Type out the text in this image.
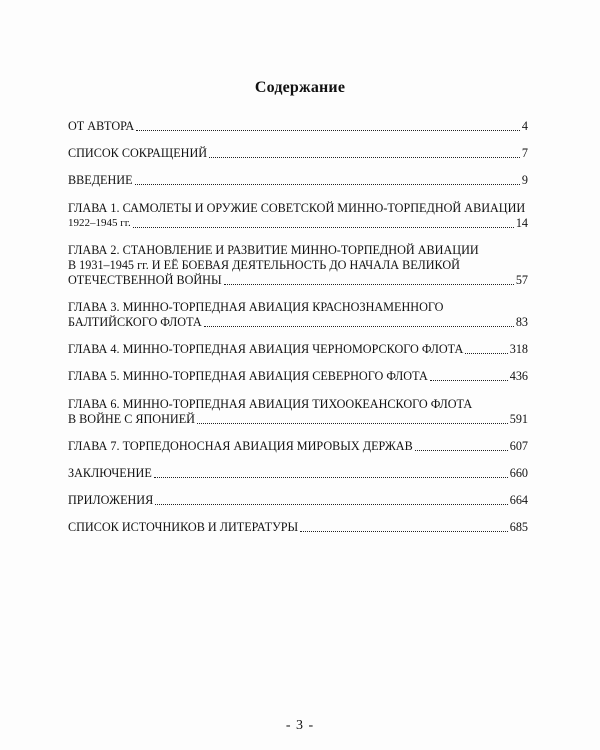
Содержание
ОТ АВТОРА	4
СПИСОК СОКРАЩЕНИЙ	7
ВВЕДЕНИЕ	9
ГЛАВА 1. САМОЛЕТЫ И ОРУЖИЕ СОВЕТСКОЙ МИННО-ТОРПЕДНОЙ АВИАЦИИ
1922–1945 гг.	14
ГЛАВА 2. СТАНОВЛЕНИЕ И РАЗВИТИЕ МИННО-ТОРПЕДНОЙ АВИАЦИИ
В 1931–1945 гг. И ЕЁ БОЕВАЯ ДЕЯТЕЛЬНОСТЬ ДО НАЧАЛА ВЕЛИКОЙ
ОТЕЧЕСТВЕННОЙ ВОЙНЫ	57
ГЛАВА 3. МИННО-ТОРПЕДНАЯ АВИАЦИЯ КРАСНОЗНАМЕННОГО
БАЛТИЙСКОГО ФЛОТА	83
ГЛАВА 4. МИННО-ТОРПЕДНАЯ АВИАЦИЯ ЧЕРНОМОРСКОГО ФЛОТА	318
ГЛАВА 5. МИННО-ТОРПЕДНАЯ АВИАЦИЯ СЕВЕРНОГО ФЛОТА	436
ГЛАВА 6. МИННО-ТОРПЕДНАЯ АВИАЦИЯ ТИХООКЕАНСКОГО ФЛОТА
В ВОЙНЕ С ЯПОНИЕЙ	591
ГЛАВА 7. ТОРПЕДОНОСНАЯ АВИАЦИЯ МИРОВЫХ ДЕРЖАВ	607
ЗАКЛЮЧЕНИЕ	660
ПРИЛОЖЕНИЯ	664
СПИСОК ИСТОЧНИКОВ И ЛИТЕРАТУРЫ	685
- 3 -
